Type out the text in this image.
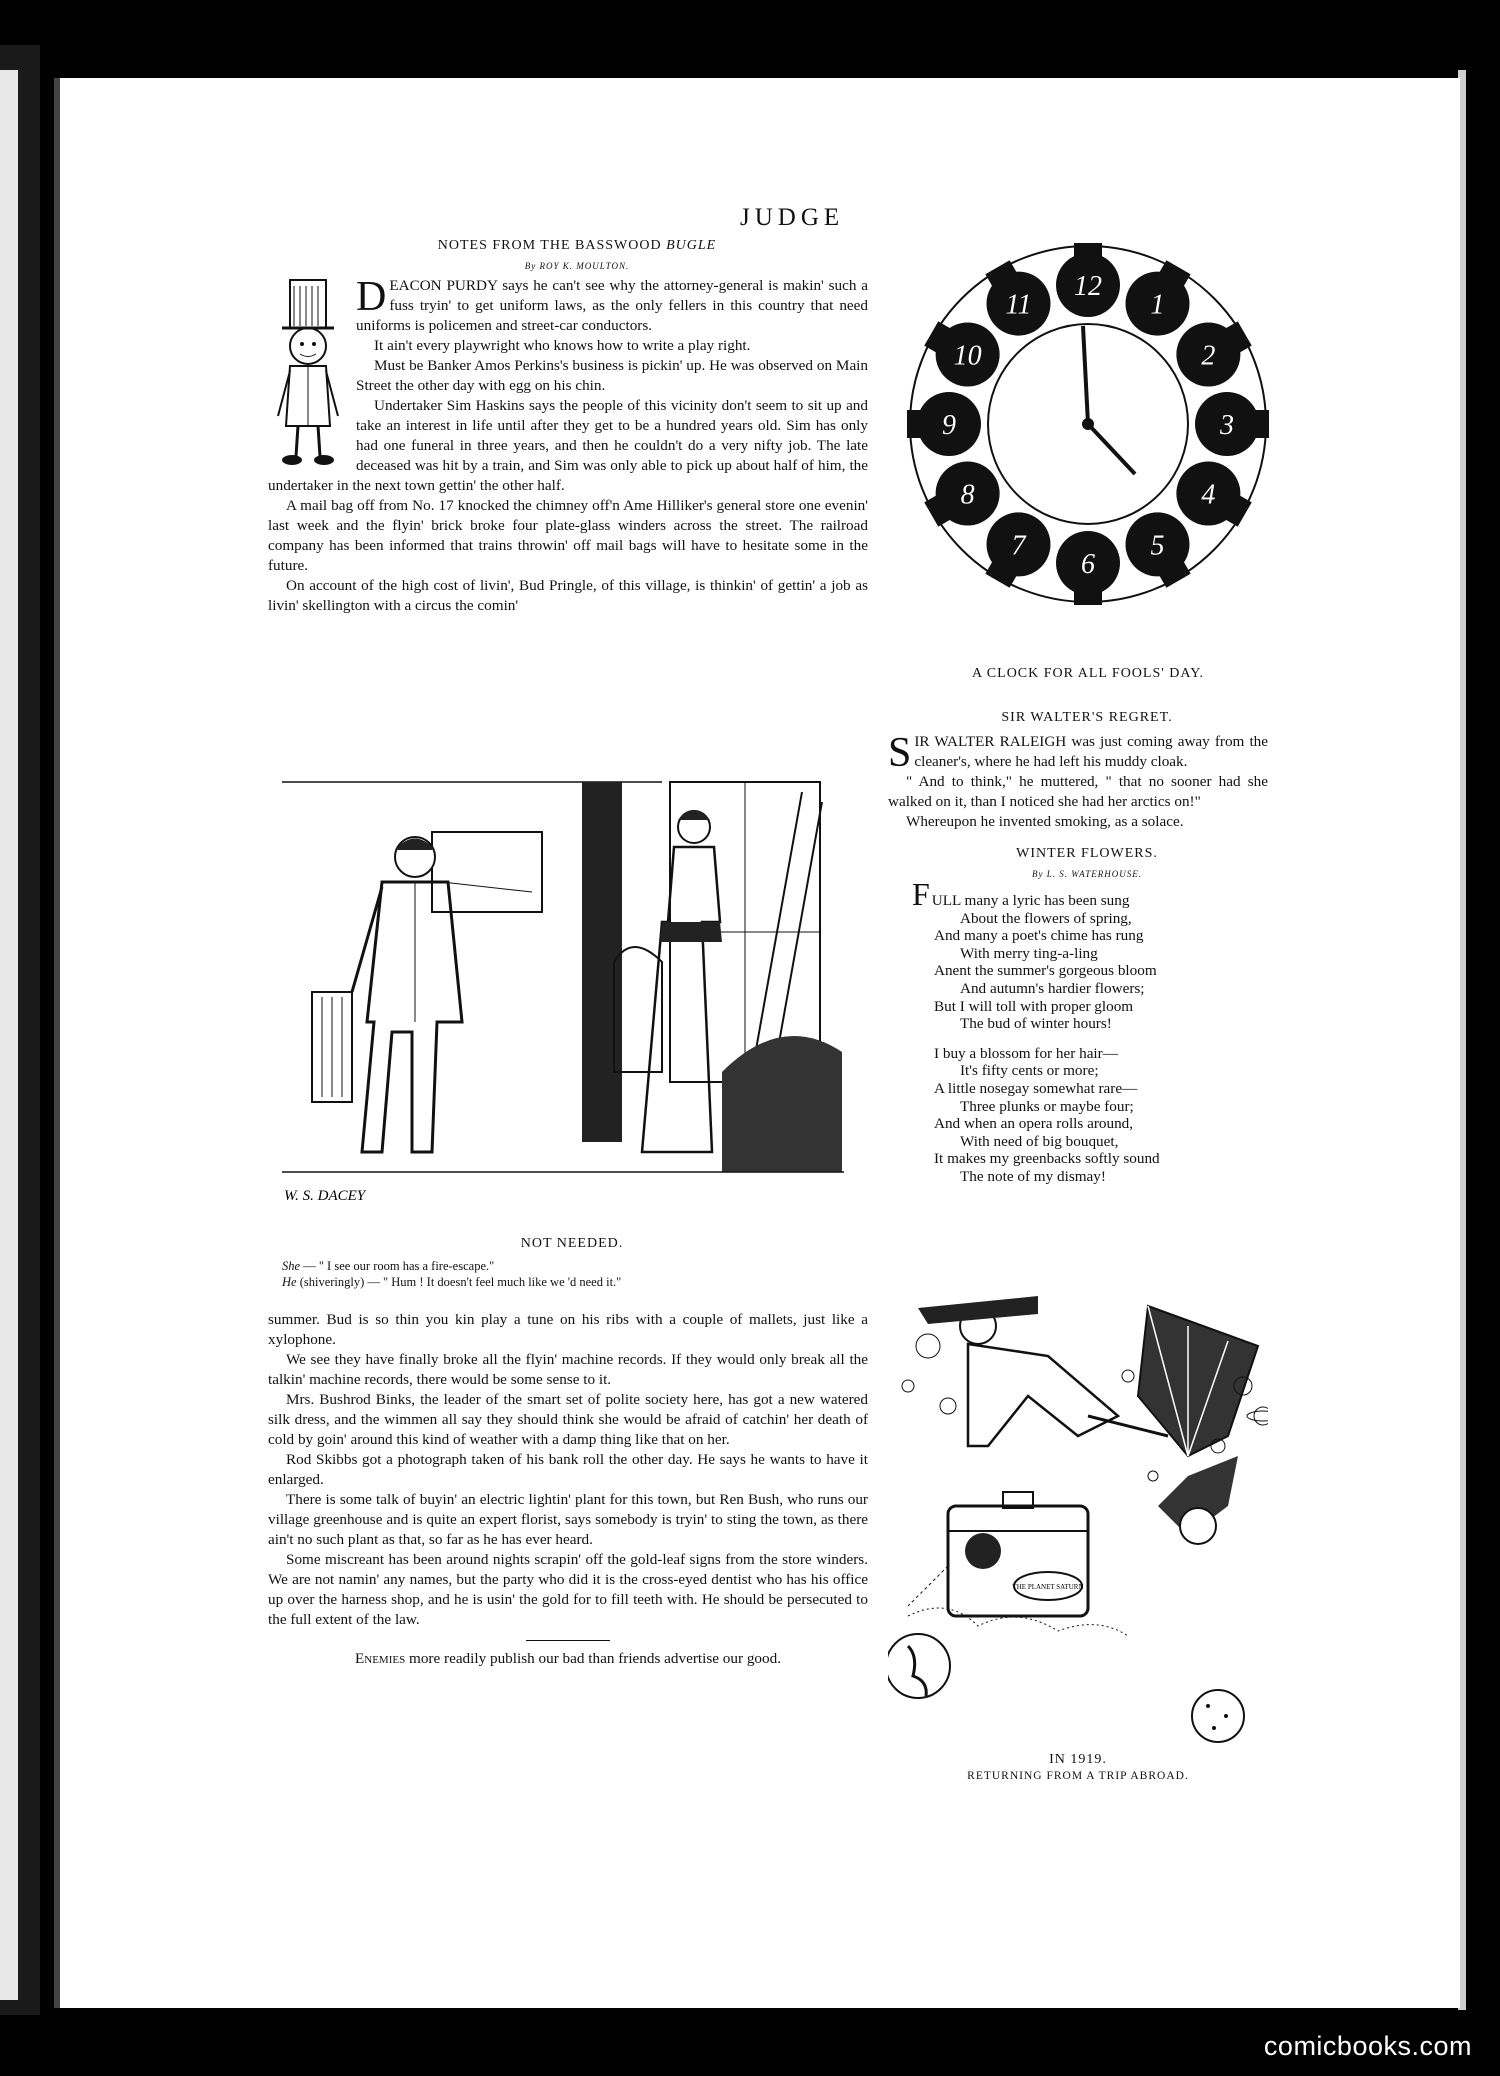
JUDGE

NOTES FROM THE BASSWOOD BUGLE

By ROY K. MOULTON.

DEACON PURDY says he can't see why the attorney-general is makin' such a fuss tryin' to get uniform laws, as the only fellers in this country that need uniforms is policemen and street-car conductors.

It ain't every playwright who knows how to write a play right.

Must be Banker Amos Perkins's business is pickin' up. He was observed on Main Street the other day with egg on his chin.

Undertaker Sim Haskins says the people of this vicinity don't seem to sit up and take an interest in life until after they get to be a hundred years old. Sim has only had one funeral in three years, and then he couldn't do a very nifty job. The late deceased was hit by a train, and Sim was only able to pick up about half of him, the undertaker in the next town gettin' the other half.

A mail bag off from No. 17 knocked the chimney off'n Ame Hilliker's general store one evenin' last week and the flyin' brick broke four plate-glass winders across the street. The railroad company has been informed that trains throwin' off mail bags will have to hesitate some in the future.

On account of the high cost of livin', Bud Pringle, of this village, is thinkin' of gettin' a job as livin' skellington with a circus the comin'

W. S. DACEY

NOT NEEDED.

She — " I see our room has a fire-escape."

He (shiveringly) — " Hum ! It doesn't feel much like we 'd need it."

summer. Bud is so thin you kin play a tune on his ribs with a couple of mallets, just like a xylophone.

We see they have finally broke all the flyin' machine records. If they would only break all the talkin' machine records, there would be some sense to it.

Mrs. Bushrod Binks, the leader of the smart set of polite society here, has got a new watered silk dress, and the wimmen all say they should think she would be afraid of catchin' her death of cold by goin' around this kind of weather with a damp thing like that on her.

Rod Skibbs got a photograph taken of his bank roll the other day. He says he wants to have it enlarged.

There is some talk of buyin' an electric lightin' plant for this town, but Ren Bush, who runs our village greenhouse and is quite an expert florist, says somebody is tryin' to sting the town, as there ain't no such plant as that, so far as he has ever heard.

Some miscreant has been around nights scrapin' off the gold-leaf signs from the store winders. We are not namin' any names, but the party who did it is the cross-eyed dentist who has his office up over the harness shop, and he is usin' the gold for to fill teeth with. He should be persecuted to the full extent of the law.

Enemies more readily publish our bad than friends advertise our good.

12
1
2
3
4
5
6
7
8
9
10
11
A CLOCK FOR ALL FOOLS' DAY.

SIR WALTER'S REGRET.

SIR WALTER RALEIGH was just coming away from the cleaner's, where he had left his muddy cloak.

" And to think," he muttered, " that no sooner had she walked on it, than I noticed she had her arctics on!"

Whereupon he invented smoking, as a solace.

WINTER FLOWERS.

By L. S. WATERHOUSE.

FULL many a lyric has been sung
About the flowers of spring,
And many a poet's chime has rung
With merry ting-a-ling
Anent the summer's gorgeous bloom
And autumn's hardier flowers;
But I will toll with proper gloom
The bud of winter hours!
I buy a blossom for her hair—
It's fifty cents or more;
A little nosegay somewhat rare—
Three plunks or maybe four;
And when an opera rolls around,
With need of big bouquet,
It makes my greenbacks softly sound
The note of my dismay!
THE PLANET SATURN
IN 1919.
RETURNING FROM A TRIP ABROAD.
comicbooks.com
